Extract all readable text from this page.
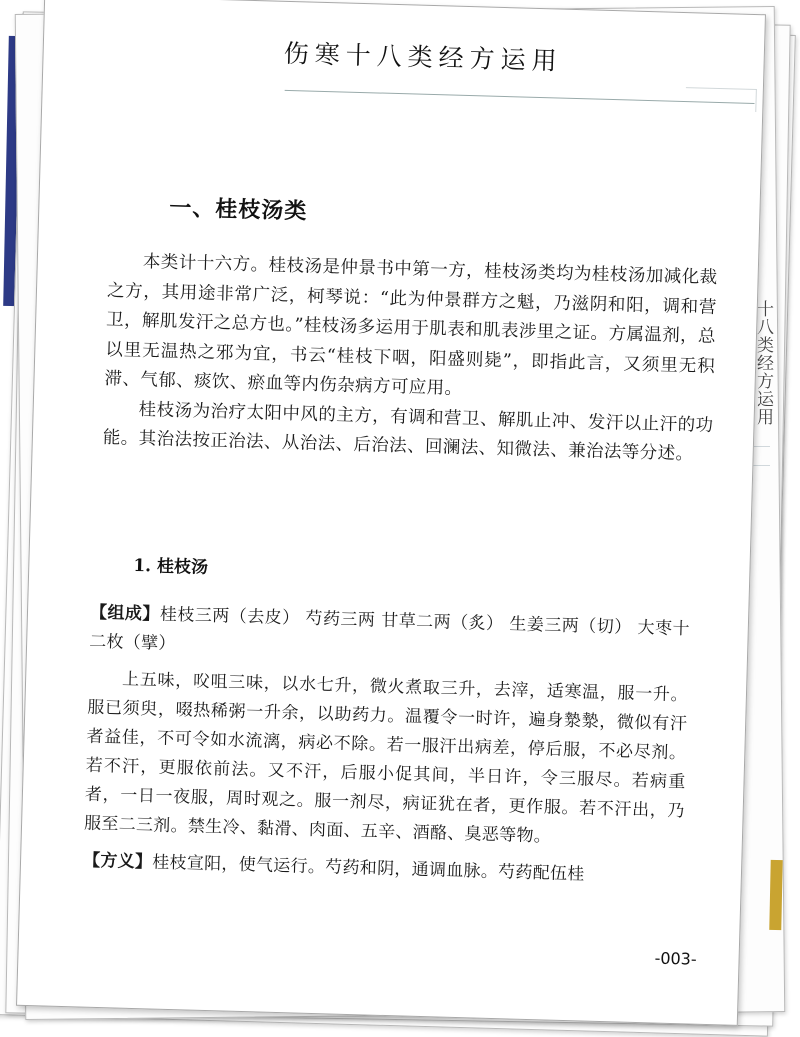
十八类经方运用
伤寒十八类经方运用
一、桂枝汤类

本类计十六方。桂枝汤是仲景书中第一方，桂枝汤类均为桂枝汤加减化裁之方，其用途非常广泛，柯琴说：“此为仲景群方之魁，乃滋阴和阳，调和营卫，解肌发汗之总方也。”桂枝汤多运用于肌表和肌表涉里之证。方属温剂，总以里无温热之邪为宜，书云“桂枝下咽，阳盛则毙”，即指此言，又须里无积滞、气郁、痰饮、瘀血等内伤杂病方可应用。

桂枝汤为治疗太阳中风的主方，有调和营卫、解肌止冲、发汗以止汗的功能。其治法按正治法、从治法、后治法、回澜法、知微法、兼治法等分述。

1. 桂枝汤

【组成】桂枝三两（去皮） 芍药三两 甘草二两（炙） 生姜三两（切） 大枣十二枚（擘）

上五味，㕮咀三味，以水七升，微火煮取三升，去滓，适寒温，服一升。服已须臾，啜热稀粥一升余，以助药力。温覆令一时许，遍身漐漐，微似有汗者益佳，不可令如水流漓，病必不除。若一服汗出病差，停后服，不必尽剂。若不汗，更服依前法。又不汗，后服小促其间，半日许，令三服尽。若病重者，一日一夜服，周时观之。服一剂尽，病证犹在者，更作服。若不汗出，乃服至二三剂。禁生冷、黏滑、肉面、五辛、酒酪、臭恶等物。

【方义】桂枝宣阳，使气运行。芍药和阴，通调血脉。芍药配伍桂

-003-
